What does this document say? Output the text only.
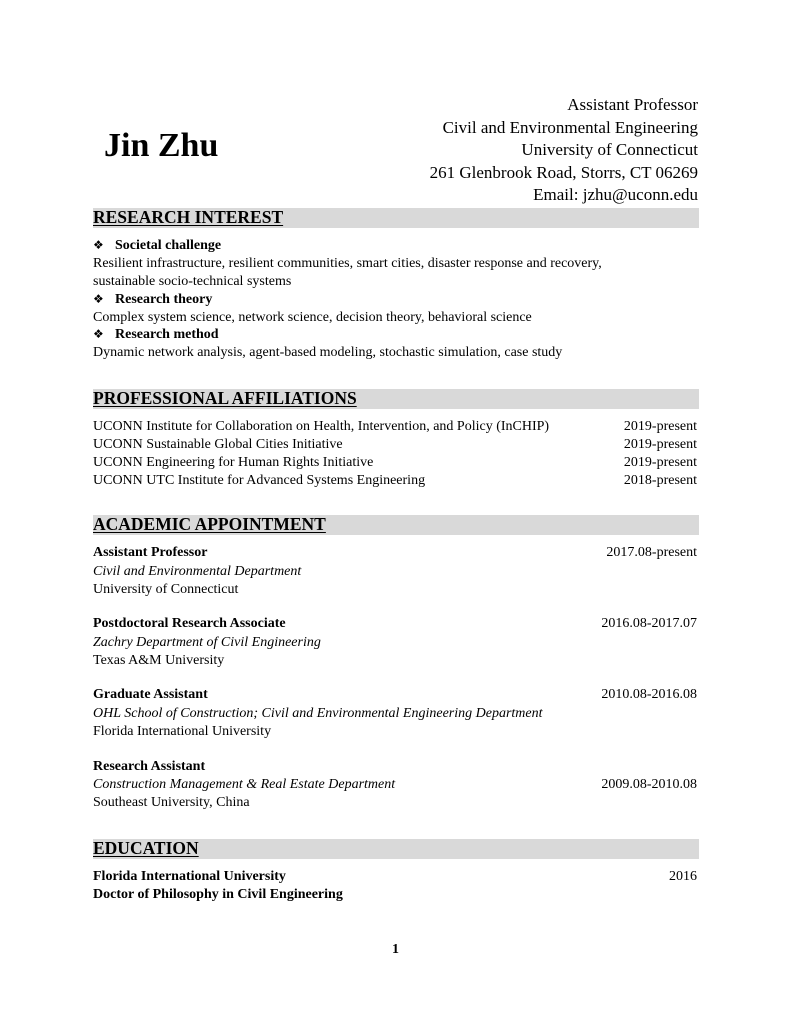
Jin Zhu
Assistant Professor
Civil and Environmental Engineering
University of Connecticut
261 Glenbrook Road, Storrs, CT 06269
Email: jzhu@uconn.edu
RESEARCH INTEREST
❖ Societal challenge
Resilient infrastructure, resilient communities, smart cities, disaster response and recovery,
sustainable socio-technical systems
❖ Research theory
Complex system science, network science, decision theory, behavioral science
❖ Research method
Dynamic network analysis, agent-based modeling, stochastic simulation, case study
PROFESSIONAL AFFILIATIONS
UCONN Institute for Collaboration on Health, Intervention, and Policy (InCHIP)	2019-present
UCONN Sustainable Global Cities Initiative	2019-present
UCONN Engineering for Human Rights Initiative	2019-present
UCONN UTC Institute for Advanced Systems Engineering	2018-present
ACADEMIC APPOINTMENT
Assistant Professor	2017.08-present
Civil and Environmental Department
University of Connecticut
Postdoctoral Research Associate	2016.08-2017.07
Zachry Department of Civil Engineering
Texas A&M University
Graduate Assistant	2010.08-2016.08
OHL School of Construction; Civil and Environmental Engineering Department
Florida International University
Research Assistant
Construction Management & Real Estate Department	2009.08-2010.08
Southeast University, China
EDUCATION
Florida International University	2016
Doctor of Philosophy in Civil Engineering
1
